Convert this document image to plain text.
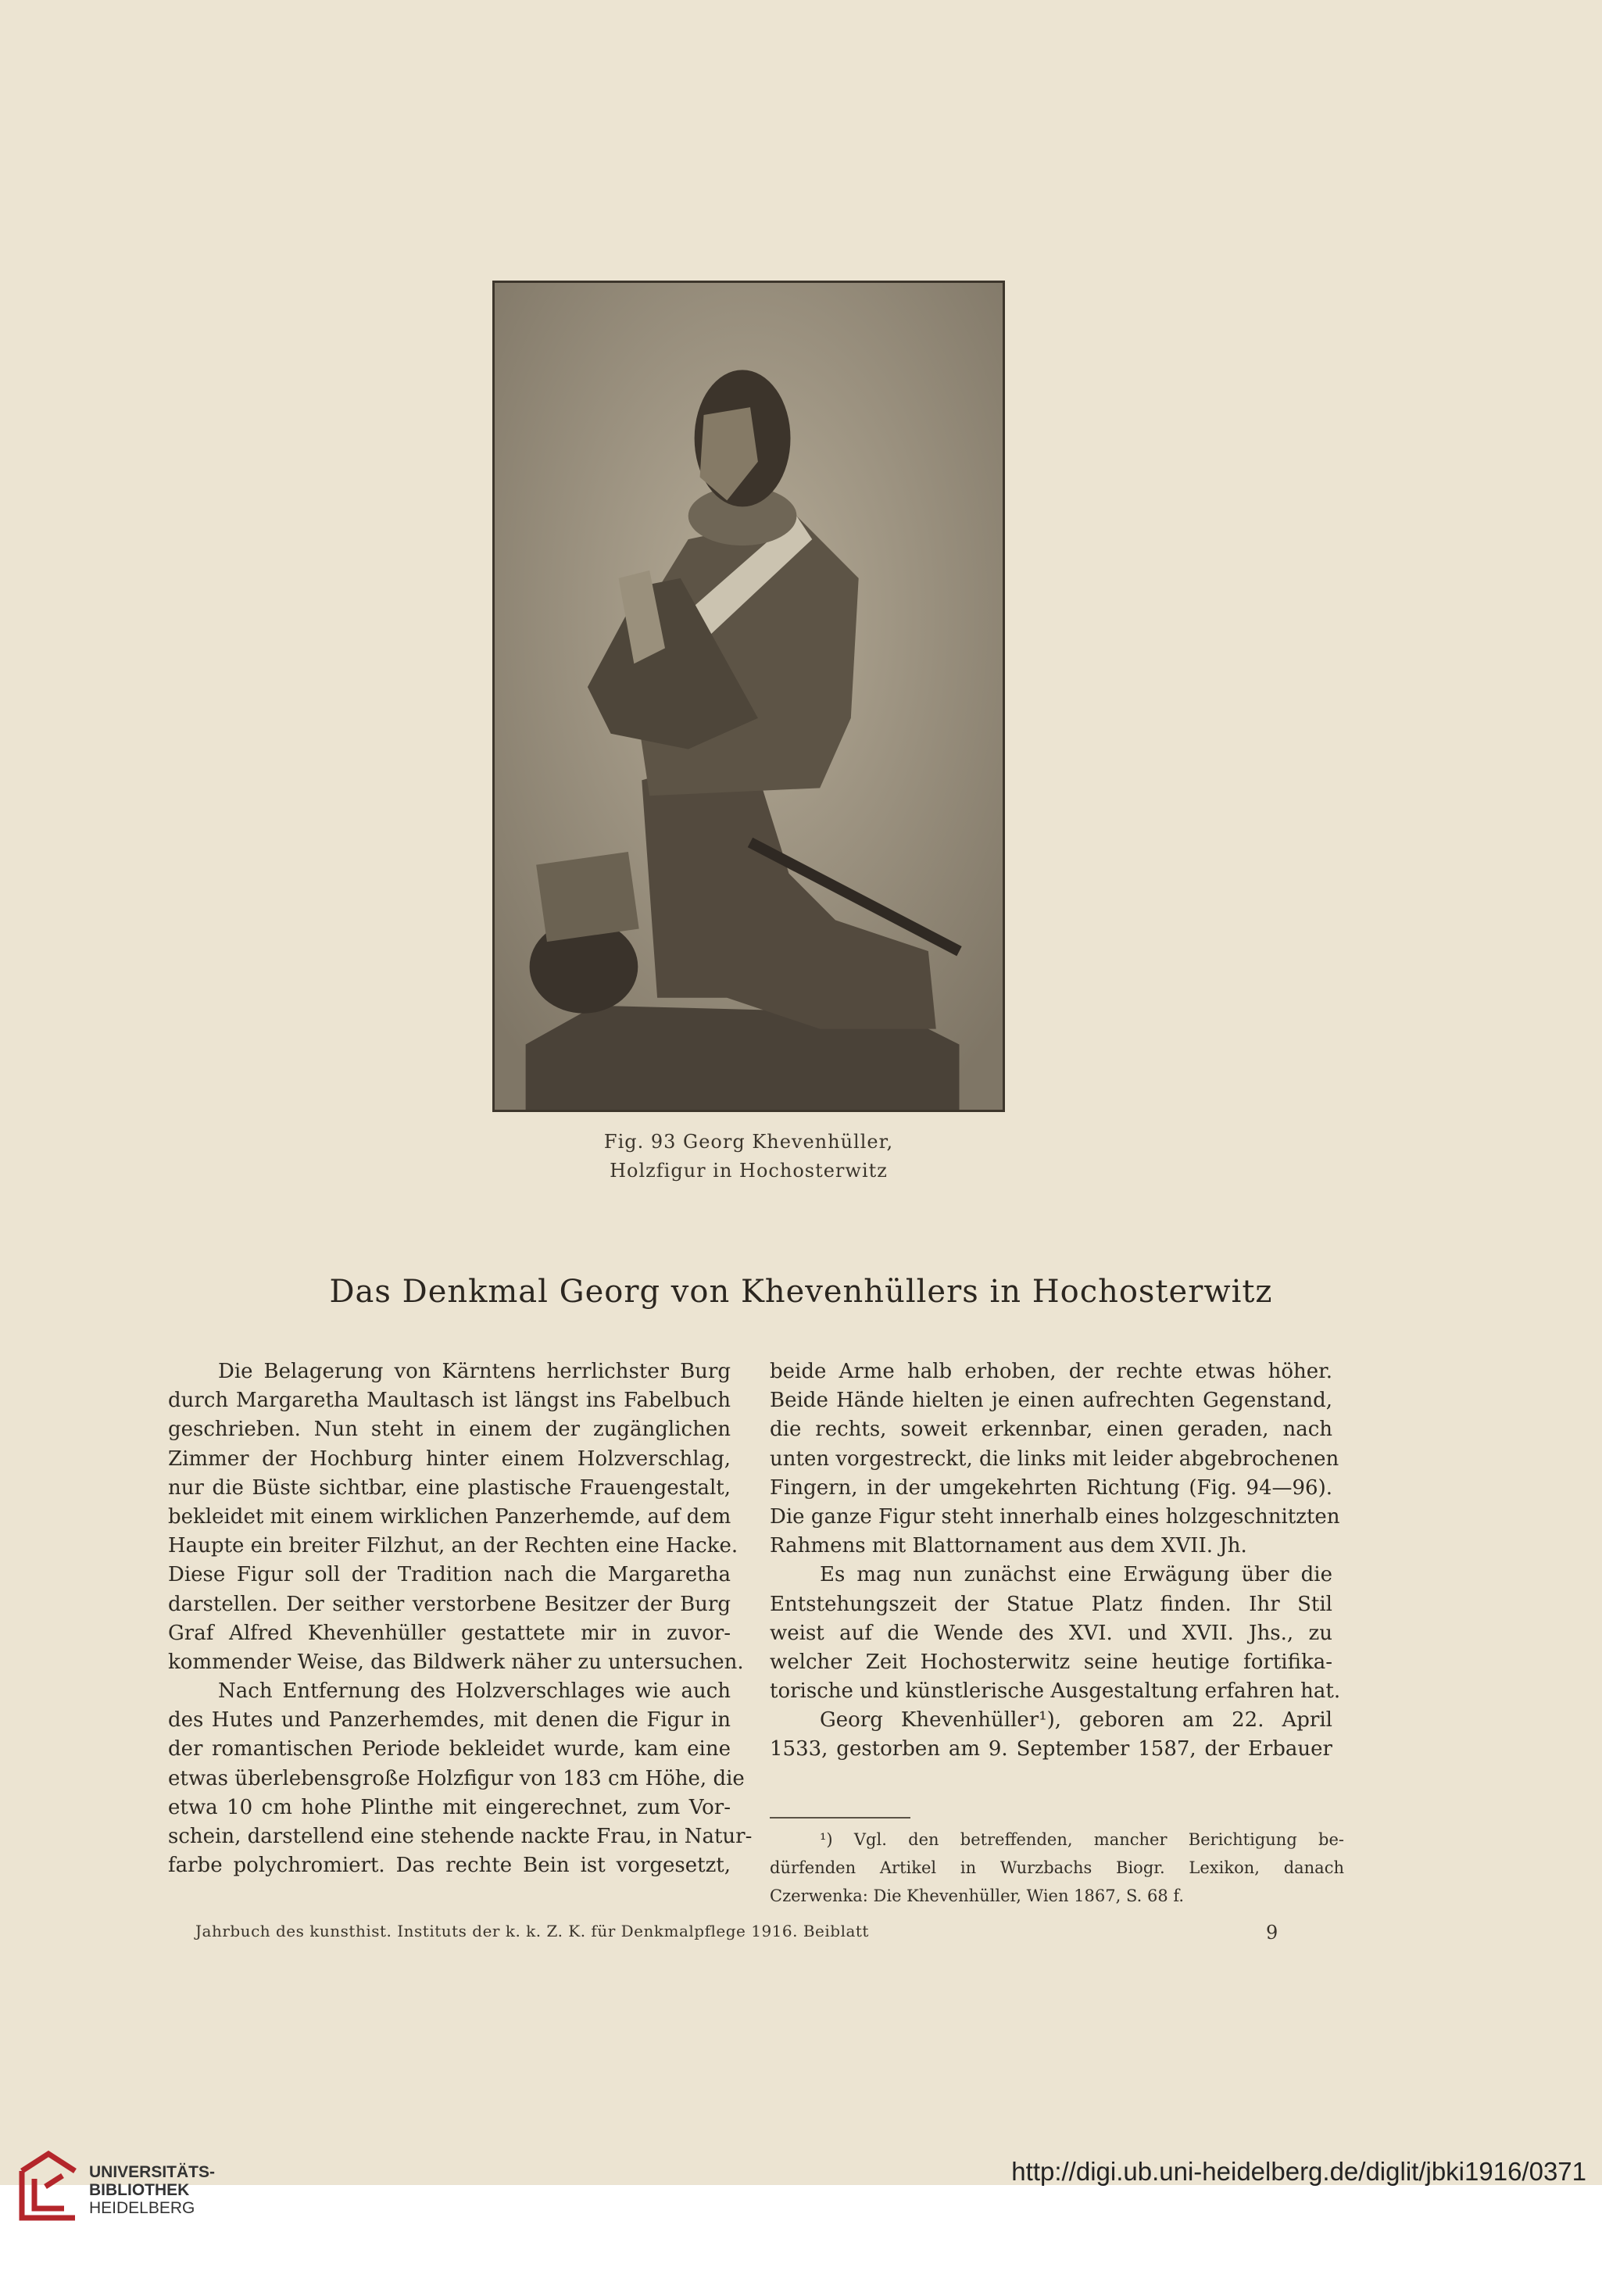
Fig. 93 Georg Khevenhüller,
Holzfigur in Hochosterwitz
Das Denkmal Georg von Khevenhüllers in Hochosterwitz
Die Belagerung von Kärntens herrlichster Burg
durch Margaretha Maultasch ist längst ins Fabelbuch
geschrieben. Nun steht in einem der zugänglichen
Zimmer der Hochburg hinter einem Holzverschlag,
nur die Büste sichtbar, eine plastische Frauengestalt,
bekleidet mit einem wirklichen Panzerhemde, auf dem
Haupte ein breiter Filzhut, an der Rechten eine Hacke.
Diese Figur soll der Tradition nach die Margaretha
darstellen. Der seither verstorbene Besitzer der Burg
Graf Alfred Khevenhüller gestattete mir in zuvor-
kommender Weise, das Bildwerk näher zu untersuchen.
Nach Entfernung des Holzverschlages wie auch
des Hutes und Panzerhemdes, mit denen die Figur in
der romantischen Periode bekleidet wurde, kam eine
etwas überlebensgroße Holzfigur von 183 cm Höhe, die
etwa 10 cm hohe Plinthe mit eingerechnet, zum Vor-
schein, darstellend eine stehende nackte Frau, in Natur-
farbe polychromiert. Das rechte Bein ist vorgesetzt,
beide Arme halb erhoben, der rechte etwas höher.
Beide Hände hielten je einen aufrechten Gegenstand,
die rechts, soweit erkennbar, einen geraden, nach
unten vorgestreckt, die links mit leider abgebrochenen
Fingern, in der umgekehrten Richtung (Fig. 94—96).
Die ganze Figur steht innerhalb eines holzgeschnitzten
Rahmens mit Blattornament aus dem XVII. Jh.
Es mag nun zunächst eine Erwägung über die
Entstehungszeit der Statue Platz finden. Ihr Stil
weist auf die Wende des XVI. und XVII. Jhs., zu
welcher Zeit Hochosterwitz seine heutige fortifika-
torische und künstlerische Ausgestaltung erfahren hat.
Georg Khevenhüller¹), geboren am 22. April
1533, gestorben am 9. September 1587, der Erbauer
¹) Vgl. den betreffenden, mancher Berichtigung be-
dürfenden Artikel in Wurzbachs Biogr. Lexikon, danach
Czerwenka: Die Khevenhüller, Wien 1867, S. 68 f.
Jahrbuch des kunsthist. Instituts der k. k. Z. K. für Denkmalpflege 1916. Beiblatt	9
UNIVERSITÄTS-
BIBLIOTHEK
HEIDELBERG
http://digi.ub.uni-heidelberg.de/diglit/jbki1916/0371
